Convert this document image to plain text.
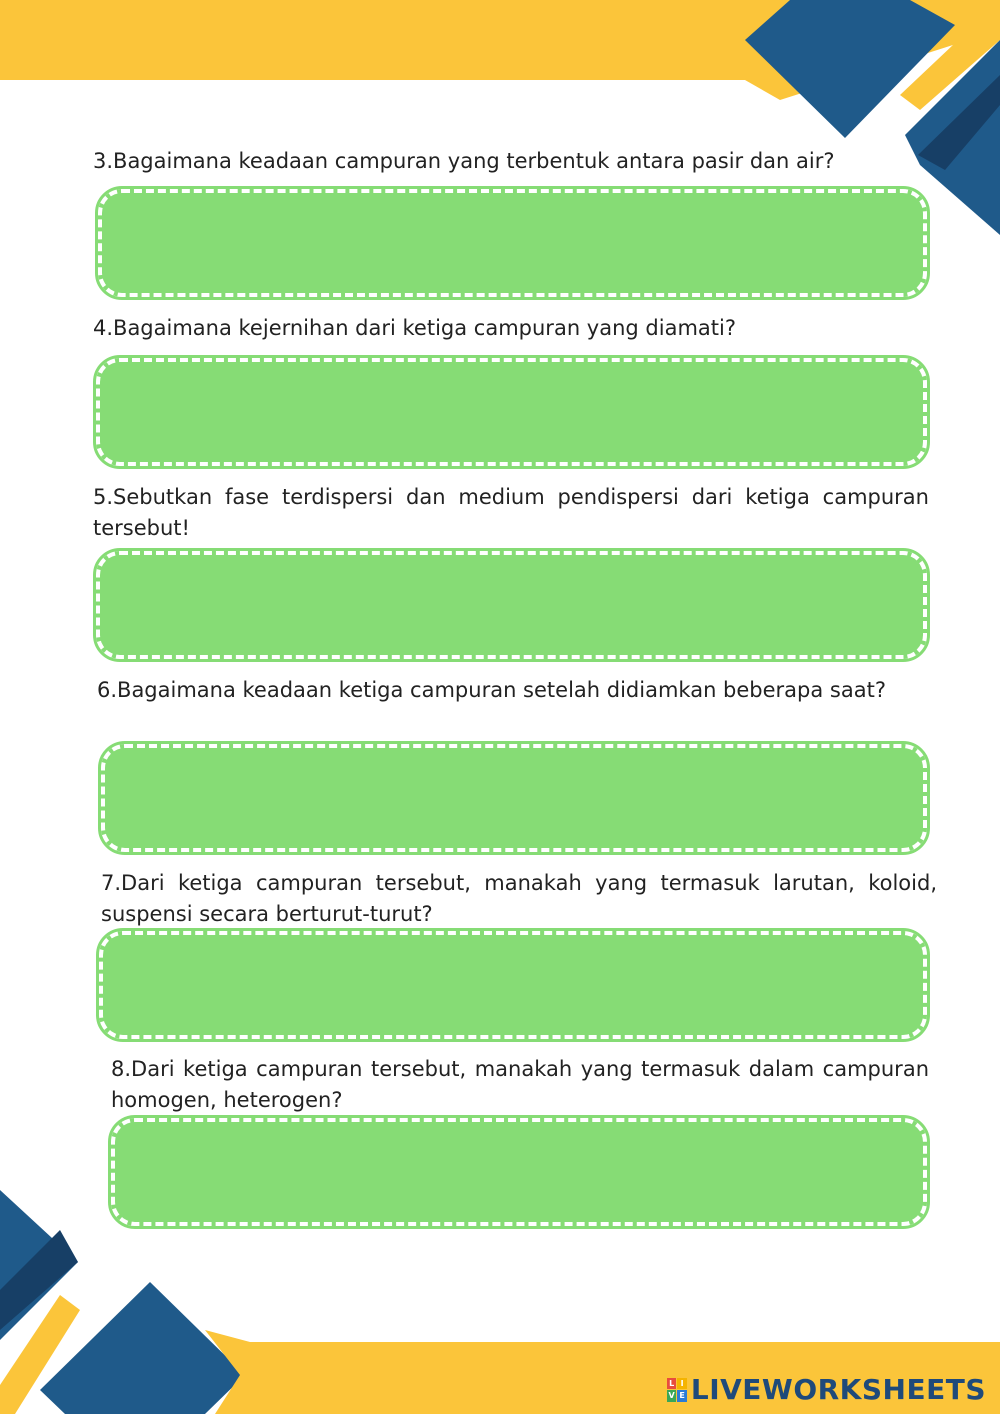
3.Bagaimana keadaan campuran yang terbentuk antara pasir dan air?

4.Bagaimana kejernihan dari ketiga campuran yang diamati?

5.Sebutkan fase terdispersi dan medium pendispersi dari ketiga campuran tersebut!

6.Bagaimana keadaan ketiga campuran setelah didiamkan beberapa saat?

7.Dari ketiga campuran tersebut, manakah yang termasuk larutan, koloid, suspensi secara berturut-turut?

8.Dari ketiga campuran tersebut, manakah yang termasuk dalam campuran homogen, heterogen?

L I
V E LIVEWORKSHEETS
